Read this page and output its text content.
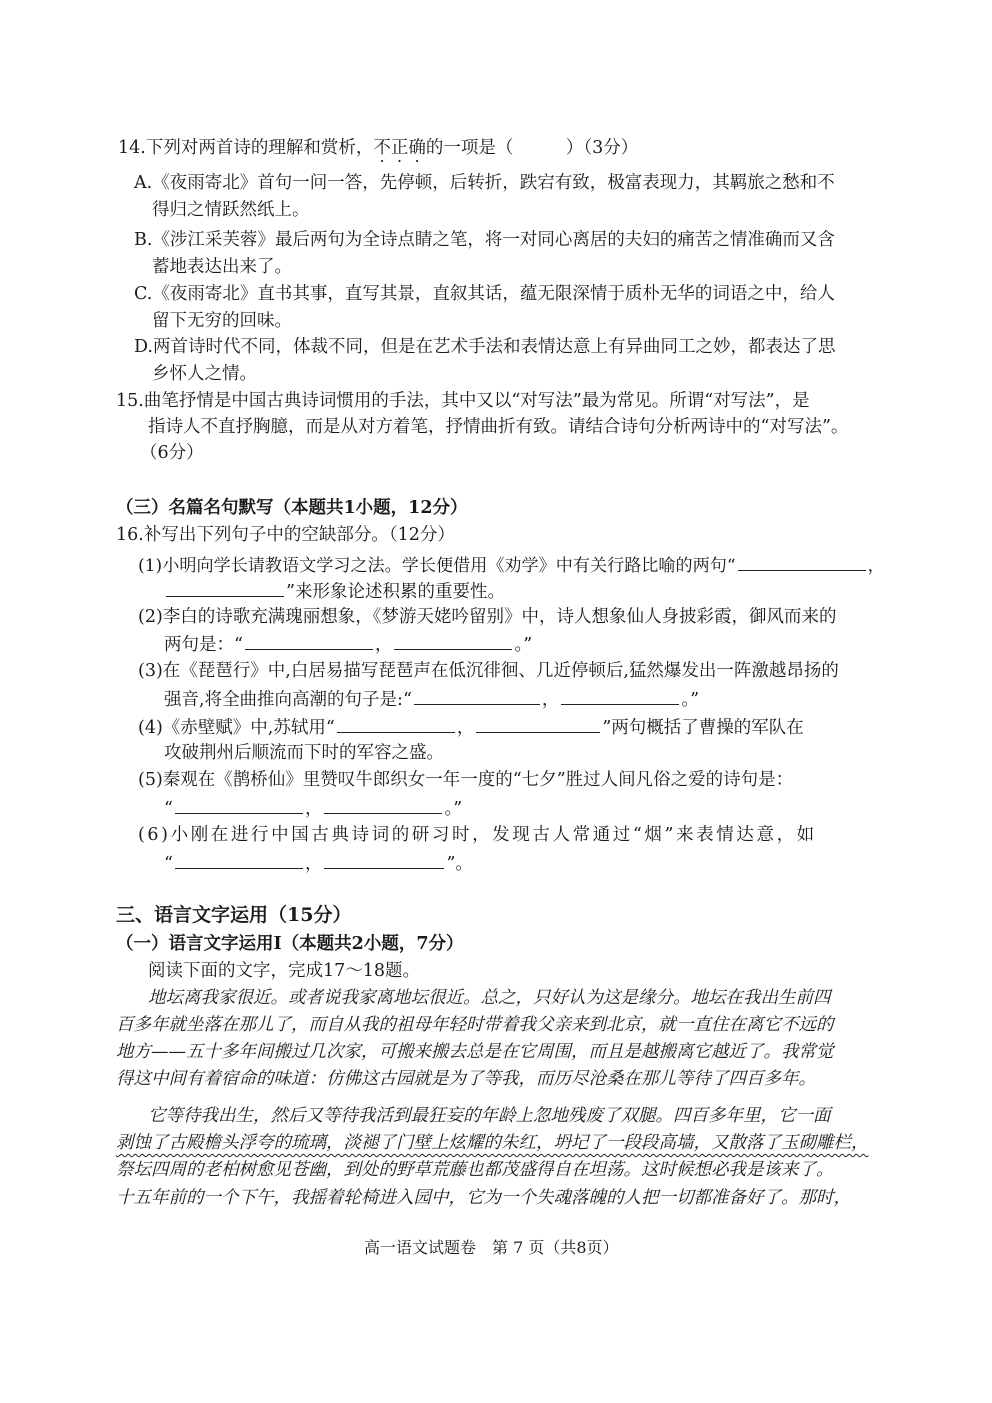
14.下列对两首诗的理解和赏析，不正确的一项是（　　　）（3分）
A.《夜雨寄北》首句一问一答，先停顿，后转折，跌宕有致，极富表现力，其羁旅之愁和不
得归之情跃然纸上。
B.《涉江采芙蓉》最后两句为全诗点睛之笔，将一对同心离居的夫妇的痛苦之情准确而又含
蓄地表达出来了。
C.《夜雨寄北》直书其事，直写其景，直叙其话，蕴无限深情于质朴无华的词语之中，给人
留下无穷的回味。
D.两首诗时代不同，体裁不同，但是在艺术手法和表情达意上有异曲同工之妙，都表达了思
乡怀人之情。
15.曲笔抒情是中国古典诗词惯用的手法，其中又以“对写法”最为常见。所谓“对写法”，是
指诗人不直抒胸臆，而是从对方着笔，抒情曲折有致。请结合诗句分析两诗中的“对写法”。
（6分）
（三）名篇名句默写（本题共1小题，12分）
16.补写出下列句子中的空缺部分。（12分）
(1)小明向学长请教语文学习之法。学长便借用《劝学》中有关行路比喻的两句“	，
”来形象论述积累的重要性。
(2)李白的诗歌充满瑰丽想象，《梦游天姥吟留别》中，诗人想象仙人身披彩霞，御风而来的
两句是：“	，	。”
(3)在《琵琶行》中,白居易描写琵琶声在低沉徘徊、几近停顿后,猛然爆发出一阵激越昂扬的
强音,将全曲推向高潮的句子是:“	，	。”
(4)《赤壁赋》中,苏轼用“	，	”两句概括了曹操的军队在
攻破荆州后顺流而下时的军容之盛。
(5)秦观在《鹊桥仙》里赞叹牛郎织女一年一度的“七夕”胜过人间凡俗之爱的诗句是：
“	，	。”
(6)小刚在进行中国古典诗词的研习时，发现古人常通过“烟”来表情达意，如
“	，	”。
三、语言文字运用（15分）
（一）语言文字运用Ⅰ（本题共2小题，7分）
阅读下面的文字，完成17～18题。
地坛离我家很近。或者说我家离地坛很近。总之，只好认为这是缘分。地坛在我出生前四
百多年就坐落在那儿了，而自从我的祖母年轻时带着我父亲来到北京，就一直住在离它不远的
地方——五十多年间搬过几次家，可搬来搬去总是在它周围，而且是越搬离它越近了。我常觉
得这中间有着宿命的味道：仿佛这古园就是为了等我，而历尽沧桑在那儿等待了四百多年。
它等待我出生，然后又等待我活到最狂妄的年龄上忽地残废了双腿。四百多年里，它一面
剥蚀了古殿檐头浮夸的琉璃，淡褪了门壁上炫耀的朱红，坍圮了一段段高墙，又散落了玉砌雕栏，
祭坛四周的老柏树愈见苍幽，到处的野草荒藤也都茂盛得自在坦荡。这时候想必我是该来了。
十五年前的一个下午，我摇着轮椅进入园中，它为一个失魂落魄的人把一切都准备好了。那时，
高一语文试题卷　第 7 页（共8页）
